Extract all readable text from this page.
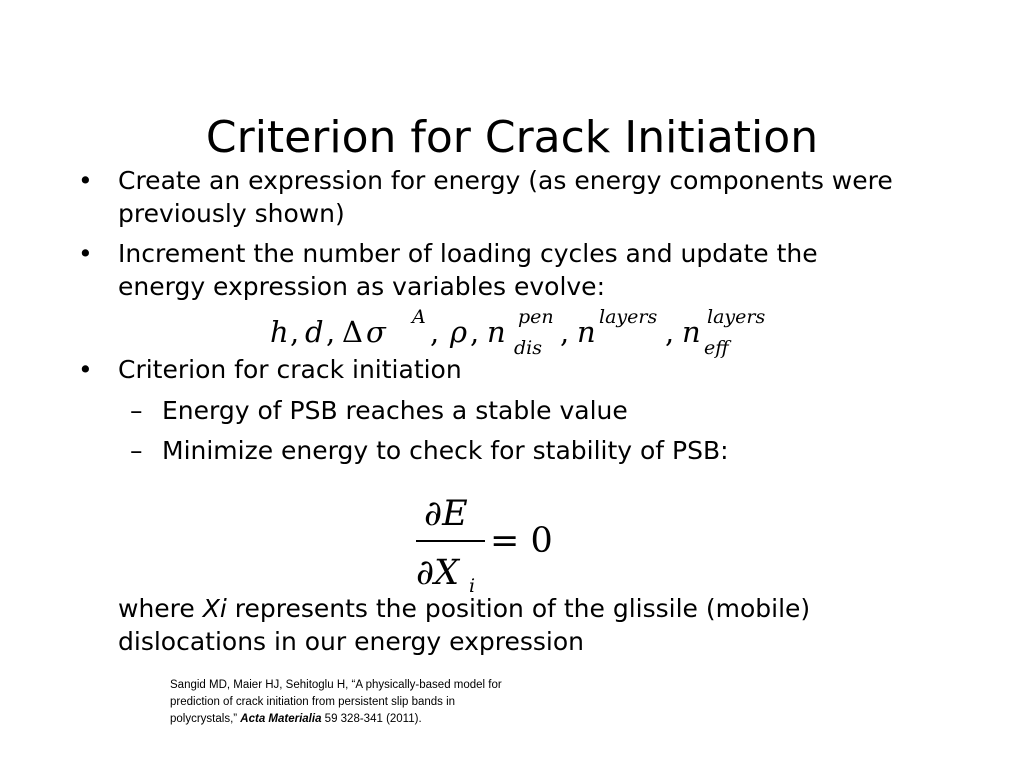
Criterion for Crack Initiation
• Create an expression for energy (as energy components were
previously shown)
• Increment the number of loading cycles and update the
energy expression as variables evolve:
h , d , Δ σ A , ρ , n pen
dis , n layers , n layers
eff
• Criterion for crack initiation
– Energy of PSB reaches a stable value
– Minimize energy to check for stability of PSB:
∂E
∂X i
= 0
where Xi represents the position of the glissile (mobile)
dislocations in our energy expression
Sangid MD, Maier HJ, Sehitoglu H, “A physically-based model for
prediction of crack initiation from persistent slip bands in
polycrystals,” Acta Materialia 59 328-341 (2011).
